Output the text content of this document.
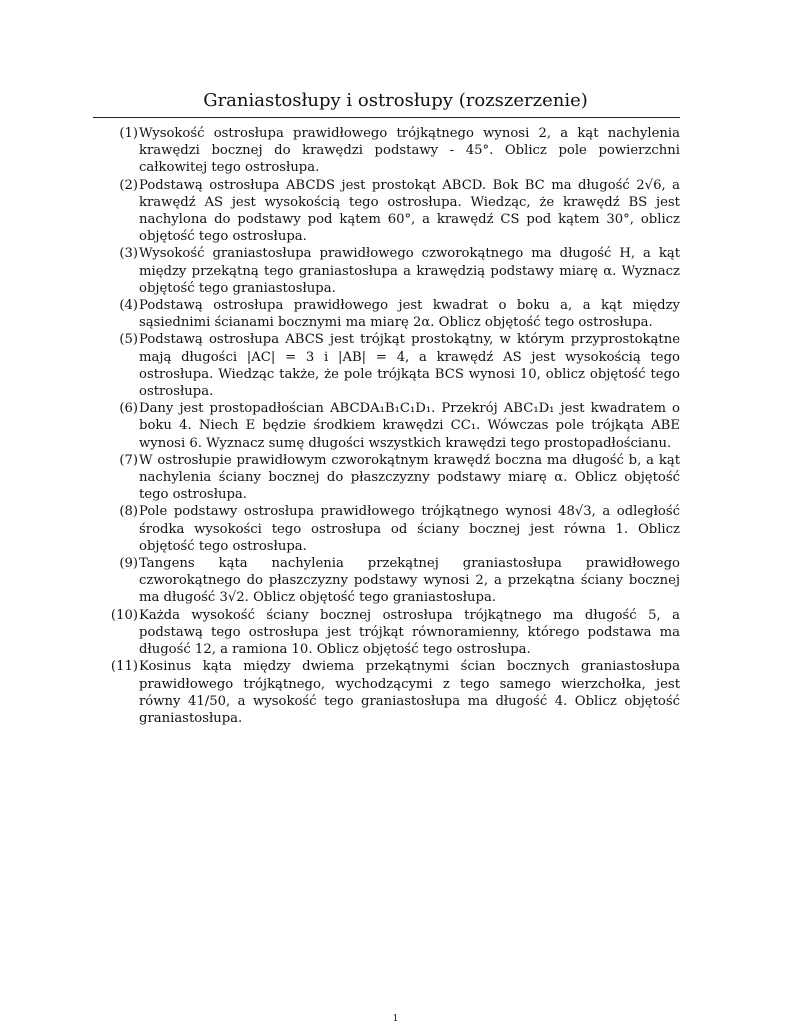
Graniastosłupy i ostrosłupy (rozszerzenie)
(1) Wysokość ostrosłupa prawidłowego trójkątnego wynosi 2, a kąt nachylenia krawędzi bocznej do krawędzi podstawy - 45°. Oblicz pole powierzchni całkowitej tego ostrosłupa.
(2) Podstawą ostrosłupa ABCDS jest prostokąt ABCD. Bok BC ma długość 2√6, a krawędź AS jest wysokością tego ostrosłupa. Wiedząc, że krawędź BS jest nachylona do podstawy pod kątem 60°, a krawędź CS pod kątem 30°, oblicz objętość tego ostrosłupa.
(3) Wysokość graniastosłupa prawidłowego czworokątnego ma długość H, a kąt między przekątną tego graniastosłupa a krawędzią podstawy miarę α. Wyznacz objętość tego graniastosłupa.
(4) Podstawą ostrosłupa prawidłowego jest kwadrat o boku a, a kąt między sąsiednimi ścianami bocznymi ma miarę 2α. Oblicz objętość tego ostrosłupa.
(5) Podstawą ostrosłupa ABCS jest trójkąt prostokątny, w którym przyprostokątne mają długości |AC| = 3 i |AB| = 4, a krawędź AS jest wysokością tego ostrosłupa. Wiedząc także, że pole trójkąta BCS wynosi 10, oblicz objętość tego ostrosłupa.
(6) Dany jest prostopadłościan ABCDA₁B₁C₁D₁. Przekrój ABC₁D₁ jest kwadratem o boku 4. Niech E będzie środkiem krawędzi CC₁. Wówczas pole trójkąta ABE wynosi 6. Wyznacz sumę długości wszystkich krawędzi tego prostopadłościanu.
(7) W ostrosłupie prawidłowym czworokątnym krawędź boczna ma długość b, a kąt nachylenia ściany bocznej do płaszczyzny podstawy miarę α. Oblicz objętość tego ostrosłupa.
(8) Pole podstawy ostrosłupa prawidłowego trójkątnego wynosi 48√3, a odległość środka wysokości tego ostrosłupa od ściany bocznej jest równa 1. Oblicz objętość tego ostrosłupa.
(9) Tangens kąta nachylenia przekątnej graniastosłupa prawidłowego czworokątnego do płaszczyzny podstawy wynosi 2, a przekątna ściany bocznej ma długość 3√2. Oblicz objętość tego graniastosłupa.
(10) Każda wysokość ściany bocznej ostrosłupa trójkątnego ma długość 5, a podstawą tego ostrosłupa jest trójkąt równoramienny, którego podstawa ma długość 12, a ramiona 10. Oblicz objętość tego ostrosłupa.
(11) Kosinus kąta między dwiema przekątnymi ścian bocznych graniastosłupa prawidłowego trójkątnego, wychodzącymi z tego samego wierzchołka, jest równy 41/50, a wysokość tego graniastosłupa ma długość 4. Oblicz objętość graniastosłupa.
1
